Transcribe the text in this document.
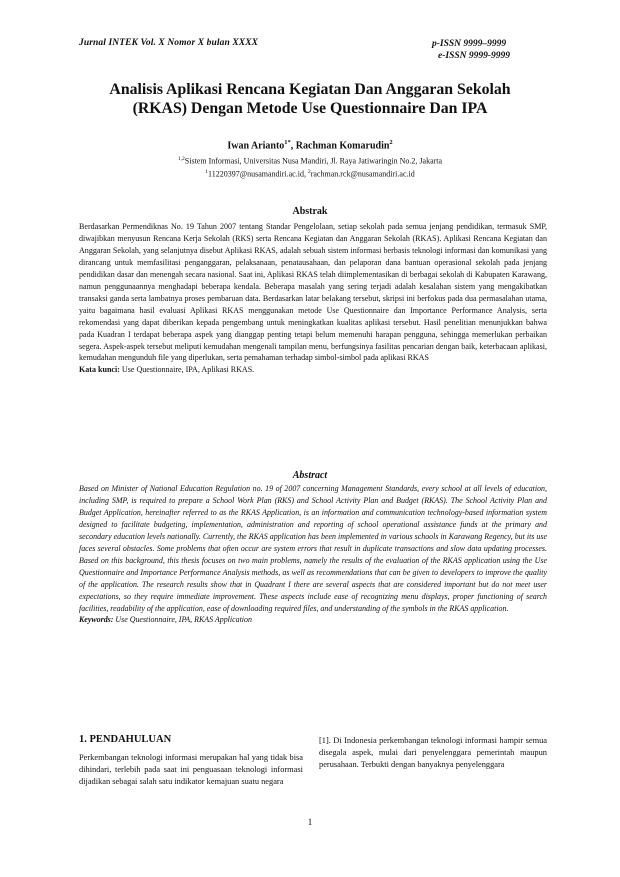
Jurnal INTEK Vol. X Nomor X bulan XXXX	p-ISSN 9999–9999
e-ISSN 9999-9999
Analisis Aplikasi Rencana Kegiatan Dan Anggaran Sekolah
(RKAS) Dengan Metode Use Questionnaire Dan IPA
Iwan Arianto$^{1*}$, Rachman Komarudin$^2$
$^{1,2}$Sistem Informasi, Universitas Nusa Mandiri, Jl. Raya Jatiwaringin No.2, Jakarta
$^1$11220397@nusamandiri.ac.id, $^2$rachman.rck@nusamandiri.ac.id
Abstrak
Berdasarkan Permendiknas No. 19 Tahun 2007 tentang Standar Pengelolaan, setiap sekolah pada semua jenjang pendidikan, termasuk SMP, diwajibkan menyusun Rencana Kerja Sekolah (RKS) serta Rencana Kegiatan dan Anggaran Sekolah (RKAS). Aplikasi Rencana Kegiatan dan Anggaran Sekolah, yang selanjutnya disebut Aplikasi RKAS, adalah sebuah sistem informasi berbasis teknologi informasi dan komunikasi yang dirancang untuk memfasilitasi penganggaran, pelaksanaan, penatausahaan, dan pelaporan dana bantuan operasional sekolah pada jenjang pendidikan dasar dan menengah secara nasional. Saat ini, Aplikasi RKAS telah diimplementasikan di berbagai sekolah di Kabupaten Karawang, namun penggunaannya menghadapi beberapa kendala. Beberapa masalah yang sering terjadi adalah kesalahan sistem yang mengakibatkan transaksi ganda serta lambatnya proses pembaruan data. Berdasarkan latar belakang tersebut, skripsi ini berfokus pada dua permasalahan utama, yaitu bagaimana hasil evaluasi Aplikasi RKAS menggunakan metode Use Questionnaire dan Importance Performance Analysis, serta rekomendasi yang dapat diberikan kepada pengembang untuk meningkatkan kualitas aplikasi tersebut. Hasil penelitian menunjukkan bahwa pada Kuadran I terdapat beberapa aspek yang dianggap penting tetapi belum memenuhi harapan pengguna, sehingga memerlukan perbaikan segera. Aspek-aspek tersebut meliputi kemudahan mengenali tampilan menu, berfungsinya fasilitas pencarian dengan baik, keterbacaan aplikasi, kemudahan mengunduh file yang diperlukan, serta pemahaman terhadap simbol-simbol pada aplikasi RKAS
Kata kunci: Use Questionnaire, IPA, Aplikasi RKAS.
Abstract
Based on Minister of National Education Regulation no. 19 of 2007 concerning Management Standards, every school at all levels of education, including SMP, is required to prepare a School Work Plan (RKS) and School Activity Plan and Budget (RKAS). The School Activity Plan and Budget Application, hereinafter referred to as the RKAS Application, is an information and communication technology-based information system designed to facilitate budgeting, implementation, administration and reporting of school operational assistance funds at the primary and secondary education levels nationally. Currently, the RKAS application has been implemented in various schools in Karawang Regency, but its use faces several obstacles. Some problems that often occur are system errors that result in duplicate transactions and slow data updating processes. Based on this background, this thesis focuses on two main problems, namely the results of the evaluation of the RKAS application using the Use Questionnaire and Importance Performance Analysis methods, as well as recommendations that can be given to developers to improve the quality of the application. The research results show that in Quadrant I there are several aspects that are considered important but do not meet user expectations, so they require immediate improvement. These aspects include ease of recognizing menu displays, proper functioning of search facilities, readability of the application, ease of downloading required files, and understanding of the symbols in the RKAS application.
Keywords: Use Questionnaire, IPA, RKAS Application
1. PENDAHULUAN
Perkembangan teknologi informasi merupakan hal yang tidak bisa dihindari, terlebih pada saat ini penguasaan teknologi informasi dijadikan sebagai salah satu indikator kemajuan suatu negara
[1]. Di Indonesia perkembangan teknologi informasi hampir semua disegala aspek, mulai dari penyelenggara pemerintah maupun perusahaan. Terbukti dengan banyaknya penyelenggara
1
